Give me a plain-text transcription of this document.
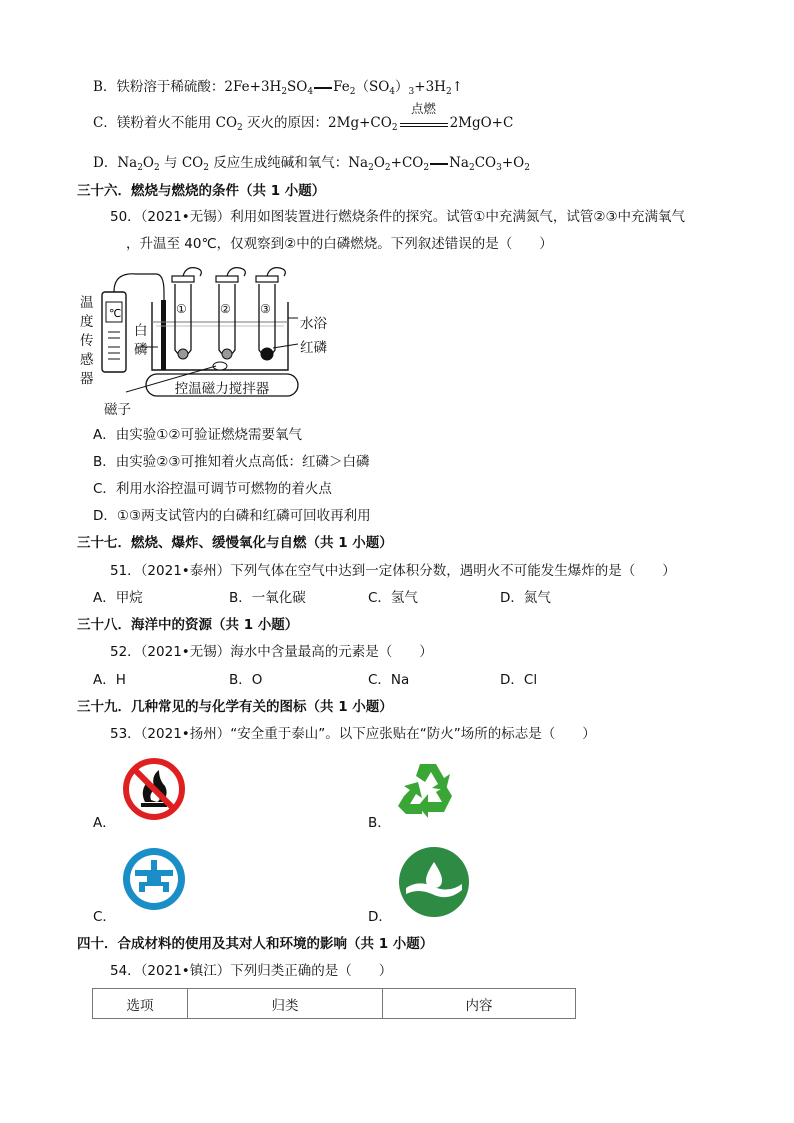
B．铁粉溶于稀硫酸：$2Fe+3H_2SO_4$ $Fe_2(SO_4)_3+3H_2↑$
C．镁粉着火不能用 $CO_2$ 灭火的原因：$2Mg+CO_2$
点燃
2MgO+C
D．$Na_2O_2$ 与 $CO_2$ 反应生成纯碱和氧气：$Na_2O_2+CO_2$ $Na_2CO_3+O_2$
三十六．燃烧与燃烧的条件（共 1 小题）
50．（2021•无锡）利用如图装置进行燃烧条件的探究。试管①中充满氮气，试管②③中充满氧气
，升温至 40℃，仅观察到②中的白磷燃烧。下列叙述错误的是（　　）
℃
温
度
传
感
器
白
磷
水浴
红磷
控温磁力搅拌器
磁子
①	② ③
A．由实验①②可验证燃烧需要氧气
B．由实验②③可推知着火点高低：红磷＞白磷
C．利用水浴控温可调节可燃物的着火点
D．①③两支试管内的白磷和红磷可回收再利用
三十七．燃烧、爆炸、缓慢氧化与自燃（共 1 小题）
51．（2021•泰州）下列气体在空气中达到一定体积分数，遇明火不可能发生爆炸的是（　　）
A．甲烷	B．一氧化碳	C．氢气	D．氮气
三十八．海洋中的资源（共 1 小题）
52．（2021•无锡）海水中含量最高的元素是（　　）
A．H	B．O	C．Na	D．Cl
三十九．几种常见的与化学有关的图标（共 1 小题）
53．（2021•扬州）“安全重于泰山”。以下应张贴在“防火”场所的标志是（　　）
A．	B．
C．	D．
四十．合成材料的使用及其对人和环境的影响（共 1 小题）
54．（2021•镇江）下列归类正确的是（　　）
选项	归类	内容
